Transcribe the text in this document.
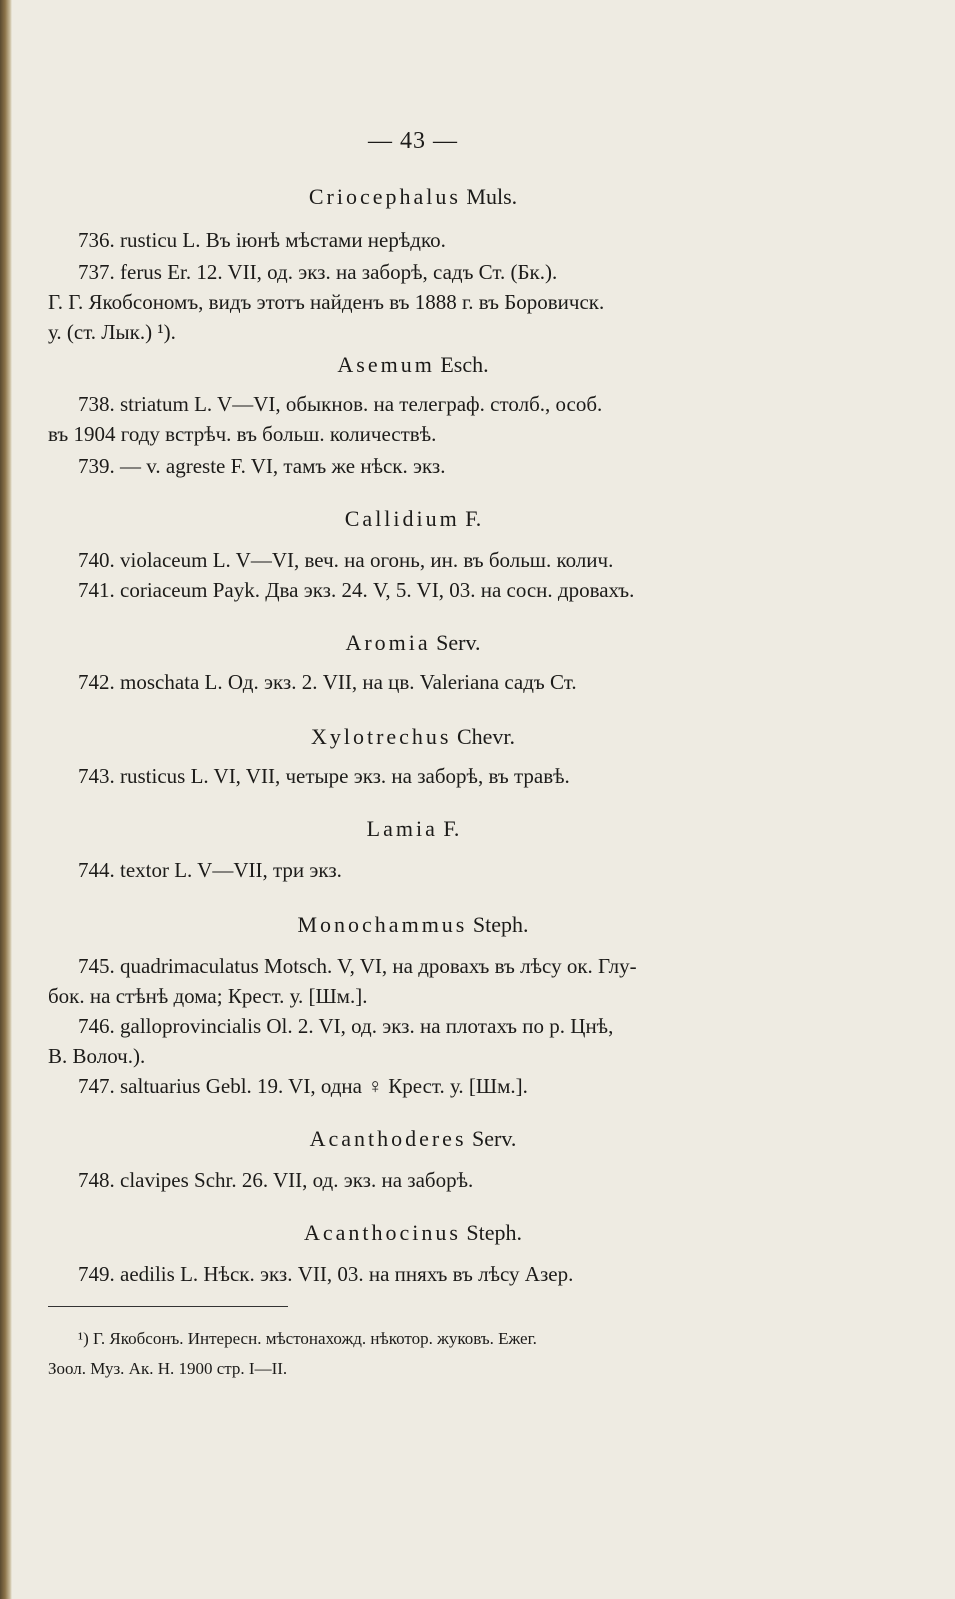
— 43 —
Criocephalus Muls.
736. rusticu L. Въ iюнѣ мѣстами нерѣдко.
737. ferus Er. 12. VII, од. экз. на заборѣ, садъ Ст. (Бк.).
Г. Г. Якобсономъ, видъ этотъ найденъ въ 1888 г. въ Боровичск.
у. (ст. Лык.) ¹).
Asemum Esch.
738. striatum L. V—VI, обыкнов. на телеграф. столб., особ.
въ 1904 году встрѣч. въ больш. количествѣ.
739. — v. agreste F. VI, тамъ же нѣск. экз.
Callidium F.
740. violaceum L. V—VI, веч. на огонь, ин. въ больш. колич.
741. coriaceum Payk. Два экз. 24. V, 5. VI, 03. на сосн. дровахъ.
Aromia Serv.
742. moschata L. Од. экз. 2. VII, на цв. Valeriana садъ Ст.
Xylotrechus Chevr.
743. rusticus L. VI, VII, четыре экз. на заборѣ, въ травѣ.
Lamia F.
744. textor L. V—VII, три экз.
Monochammus Steph.
745. quadrimaculatus Motsch. V, VI, на дровахъ въ лѣсу ок. Глу-
бок. на стѣнѣ дома; Крест. у. [Шм.].
746. galloprovincialis Ol. 2. VI, од. экз. на плотахъ по р. Цнѣ,
В. Волоч.).
747. saltuarius Gebl. 19. VI, одна ♀ Крест. у. [Шм.].
Acanthoderes Serv.
748. clavipes Schr. 26. VII, од. экз. на заборѣ.
Acanthocinus Steph.
749. aedilis L. Нѣск. экз. VII, 03. на пняхъ въ лѣсу Азер.
¹) Г. Якобсонъ. Интересн. мѣстонахожд. нѣкотор. жуковъ. Ежег.
Зоол. Муз. Ак. Н. 1900 стр. I—II.
